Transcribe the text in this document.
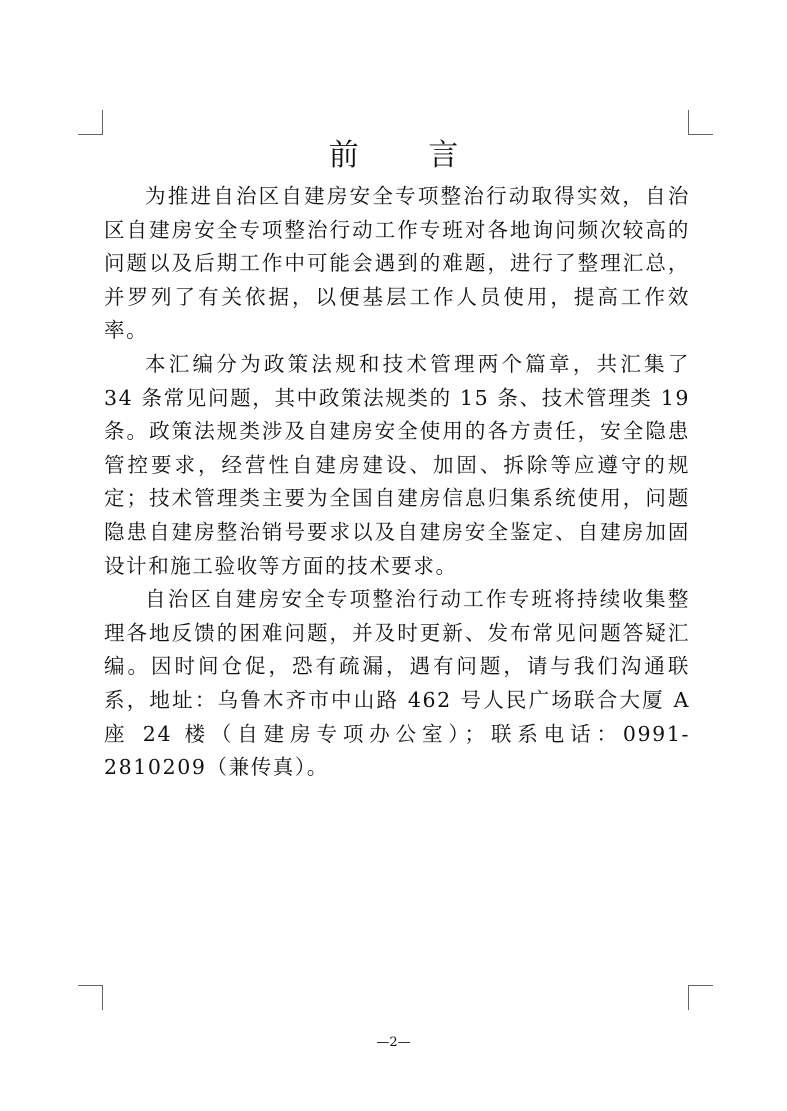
前 言

为推进自治区自建房安全专项整治行动取得实效，自治区自建房安全专项整治行动工作专班对各地询问频次较高的问题以及后期工作中可能会遇到的难题，进行了整理汇总，并罗列了有关依据，以便基层工作人员使用，提高工作效率。

本汇编分为政策法规和技术管理两个篇章，共汇集了 34 条常见问题，其中政策法规类的 15 条、技术管理类 19 条。政策法规类涉及自建房安全使用的各方责任，安全隐患管控要求，经营性自建房建设、加固、拆除等应遵守的规定；技术管理类主要为全国自建房信息归集系统使用，问题隐患自建房整治销号要求以及自建房安全鉴定、自建房加固设计和施工验收等方面的技术要求。

自治区自建房安全专项整治行动工作专班将持续收集整理各地反馈的困难问题，并及时更新、发布常见问题答疑汇编。因时间仓促，恐有疏漏，遇有问题，请与我们沟通联系，地址：乌鲁木齐市中山路 462 号人民广场联合大厦 A 座 24 楼（自建房专项办公室）；联系电话：0991-2810209（兼传真）。

—2—
